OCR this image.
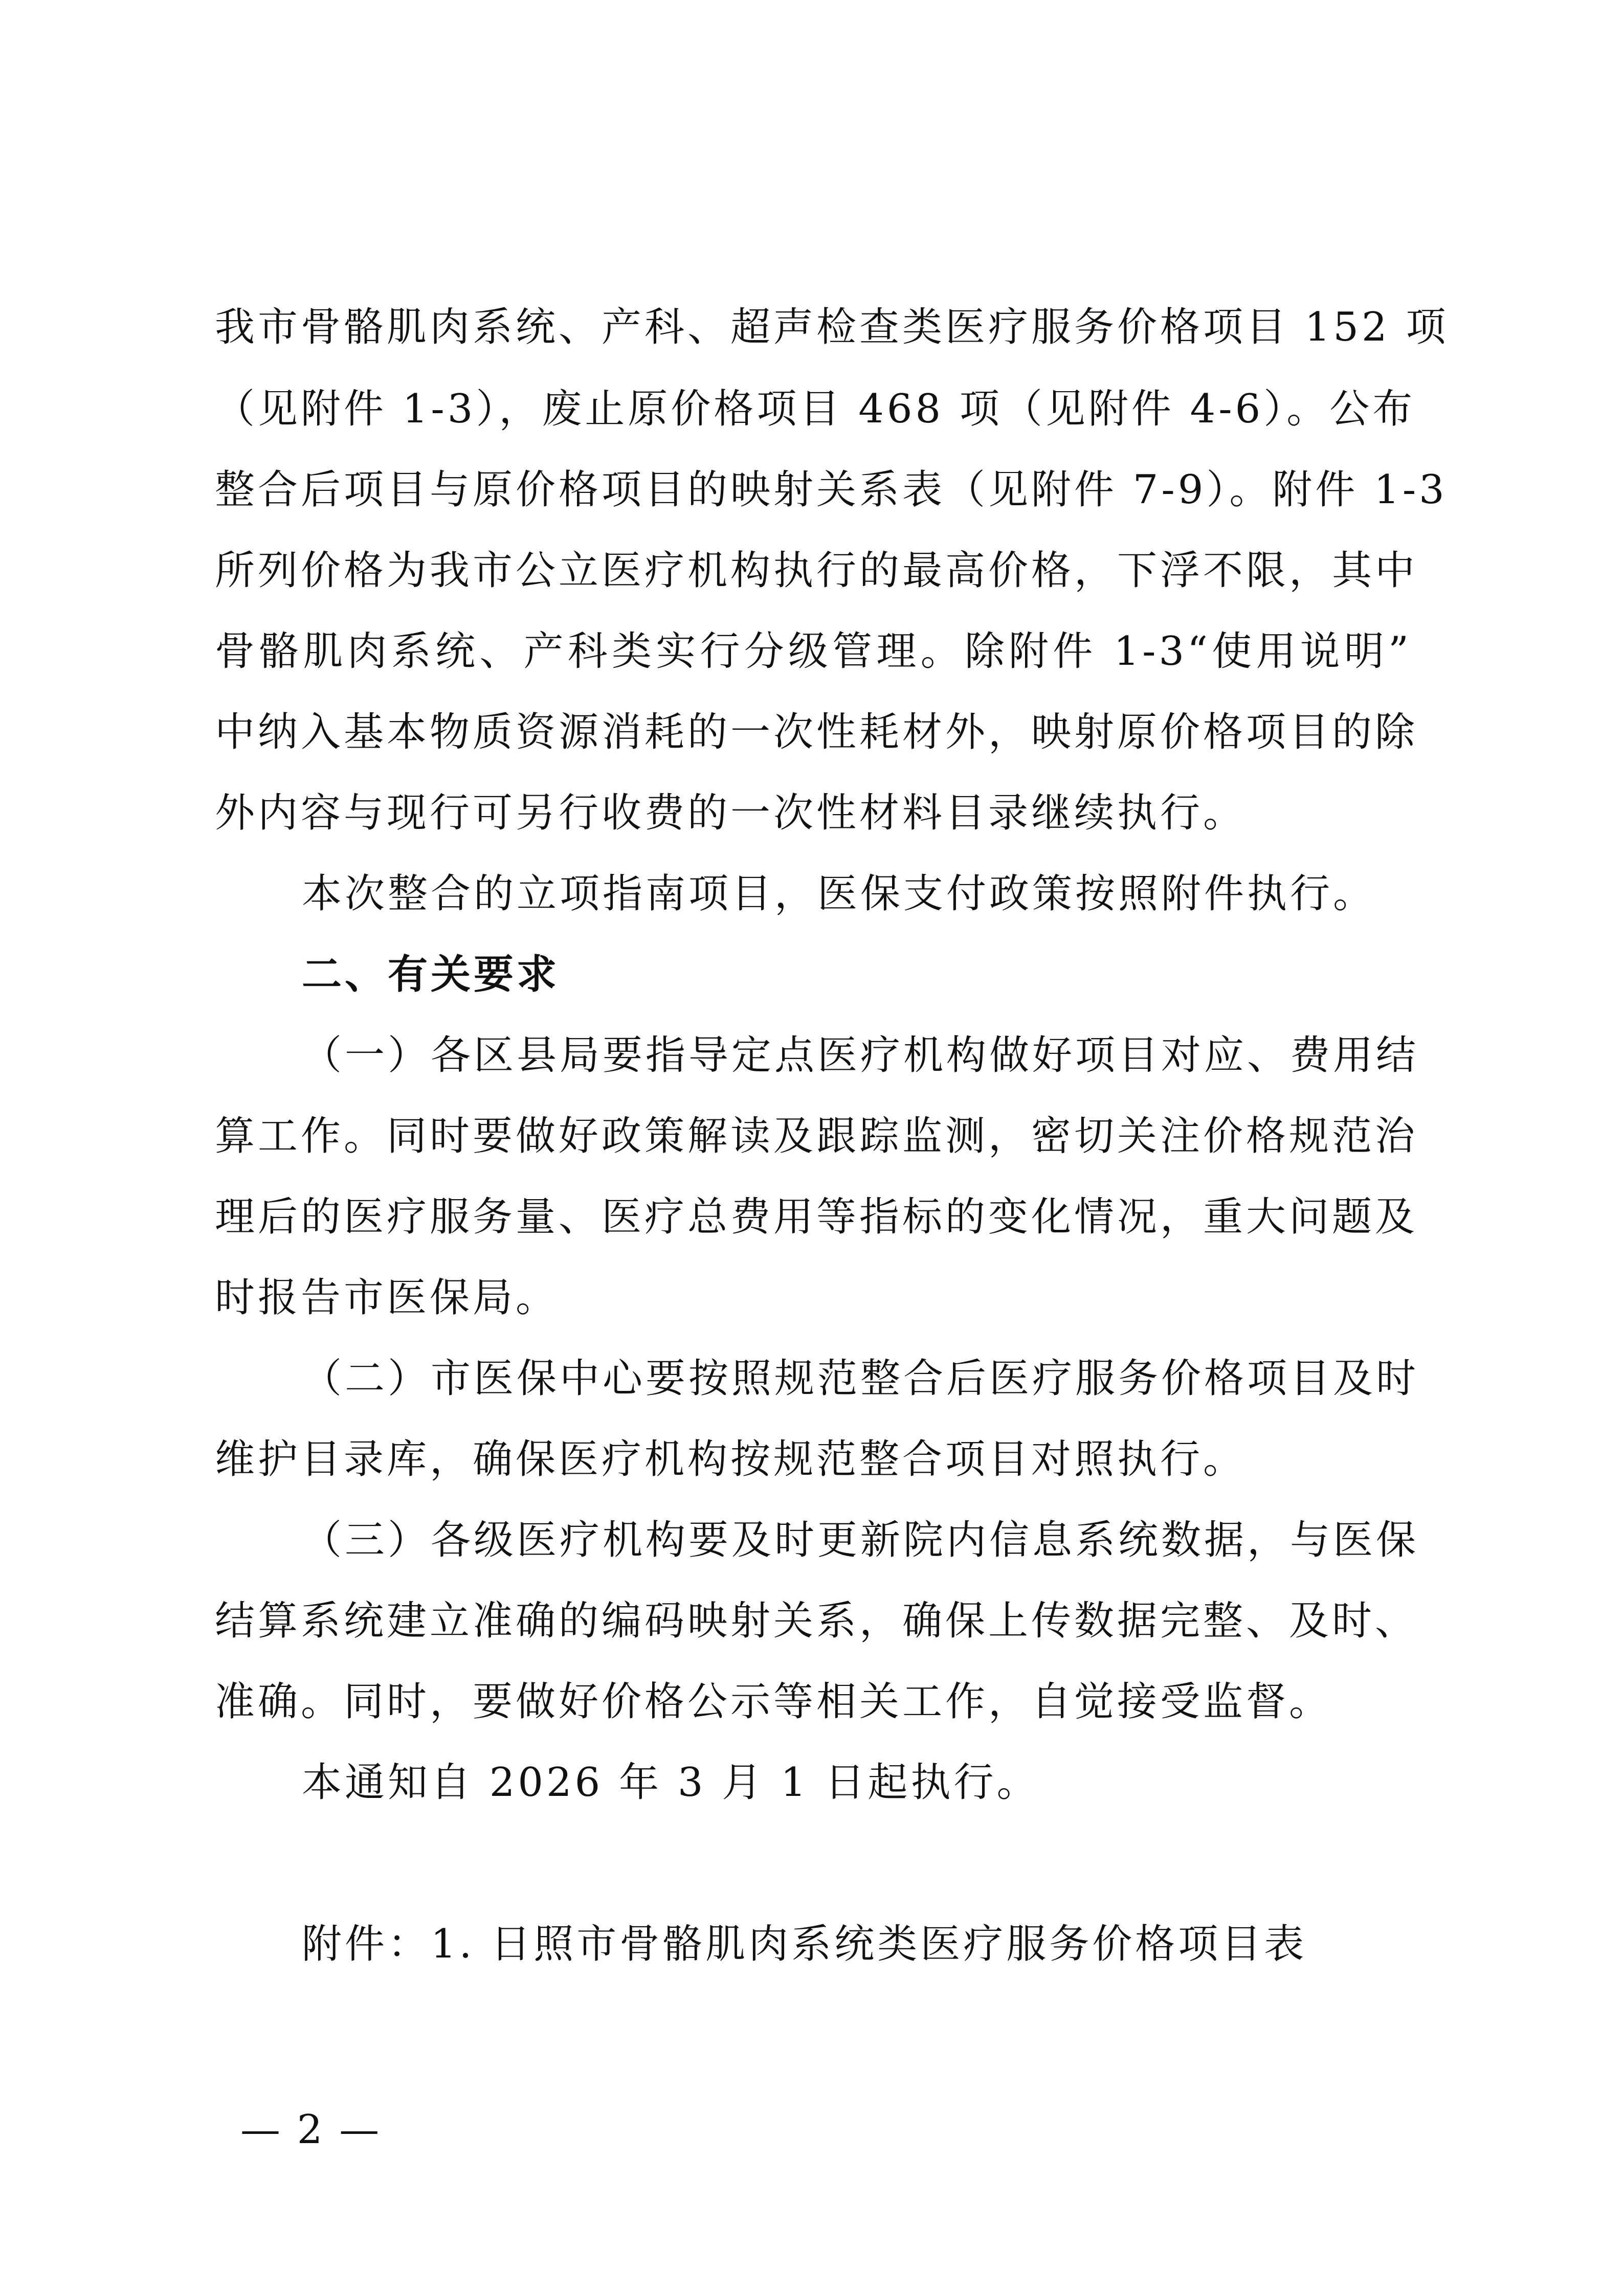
我市骨骼肌肉系统、产科、超声检查类医疗服务价格项目 152 项
（见附件 1-3），废止原价格项目 468 项（见附件 4-6）。公布
整合后项目与原价格项目的映射关系表（见附件 7-9）。附件 1-3
所列价格为我市公立医疗机构执行的最高价格，下浮不限，其中
骨骼肌肉系统、产科类实行分级管理。除附件 1-3“使用说明”
中纳入基本物质资源消耗的一次性耗材外，映射原价格项目的除
外内容与现行可另行收费的一次性材料目录继续执行。
本次整合的立项指南项目，医保支付政策按照附件执行。
二、有关要求
（一）各区县局要指导定点医疗机构做好项目对应、费用结
算工作。同时要做好政策解读及跟踪监测，密切关注价格规范治
理后的医疗服务量、医疗总费用等指标的变化情况，重大问题及
时报告市医保局。
（二）市医保中心要按照规范整合后医疗服务价格项目及时
维护目录库，确保医疗机构按规范整合项目对照执行。
（三）各级医疗机构要及时更新院内信息系统数据，与医保
结算系统建立准确的编码映射关系，确保上传数据完整、及时、
准确。同时，要做好价格公示等相关工作，自觉接受监督。
本通知自 2026 年 3 月 1 日起执行。
附件：1. 日照市骨骼肌肉系统类医疗服务价格项目表
— 2 —
